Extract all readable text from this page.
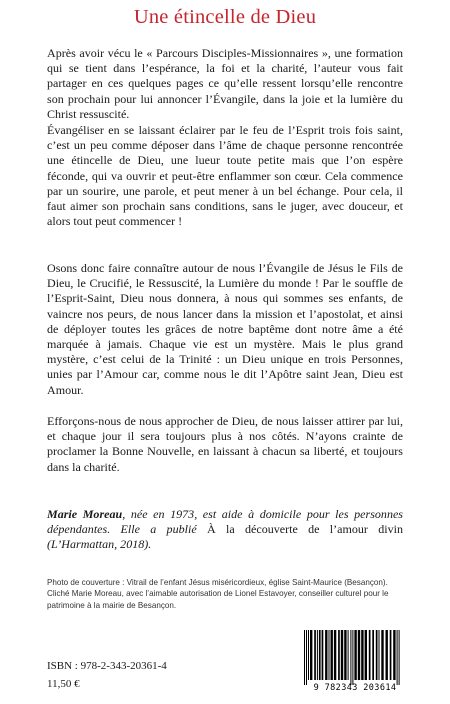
Une étincelle de Dieu

Après avoir vécu le « Parcours Disciples-Missionnaires », une formation qui se tient dans l’espérance, la foi et la charité, l’auteur vous fait partager en ces quelques pages ce qu’elle ressent lorsqu’elle rencontre son prochain pour lui annoncer l’Évangile, dans la joie et la lumière du Christ ressuscité.

Évangéliser en se laissant éclairer par le feu de l’Esprit trois fois saint, c’est un peu comme déposer dans l’âme de chaque personne rencontrée une étincelle de Dieu, une lueur toute petite mais que l’on espère féconde, qui va ouvrir et peut-être enflammer son cœur. Cela commence par un sourire, une parole, et peut mener à un bel échange. Pour cela, il faut aimer son prochain sans conditions, sans le juger, avec douceur, et alors tout peut commencer !

Osons donc faire connaître autour de nous l’Évangile de Jésus le Fils de Dieu, le Crucifié, le Ressuscité, la Lumière du monde ! Par le souffle de l’Esprit-Saint, Dieu nous donnera, à nous qui sommes ses enfants, de vaincre nos peurs, de nous lancer dans la mission et l’apostolat, et ainsi de déployer toutes les grâces de notre baptême dont notre âme a été marquée à jamais. Chaque vie est un mystère. Mais le plus grand mystère, c’est celui de la Trinité : un Dieu unique en trois Personnes, unies par l’Amour car, comme nous le dit l’Apôtre saint Jean, Dieu est Amour.

Efforçons-nous de nous approcher de Dieu, de nous laisser attirer par lui, et chaque jour il sera toujours plus à nos côtés. N’ayons crainte de proclamer la Bonne Nouvelle, en laissant à chacun sa liberté, et toujours dans la charité.

Marie Moreau, née en 1973, est aide à domicile pour les personnes dépendantes. Elle a publié À la découverte de l’amour divin (L’Harmattan, 2018).

Photo de couverture : Vitrail de l’enfant Jésus miséricordieux, église Saint-Maurice (Besançon). Cliché Marie Moreau, avec l’aimable autorisation de Lionel Estavoyer, conseiller culturel pour le patrimoine à la mairie de Besançon.

ISBN : 978-2-343-20361-4
11,50 €	9 782343 203614
